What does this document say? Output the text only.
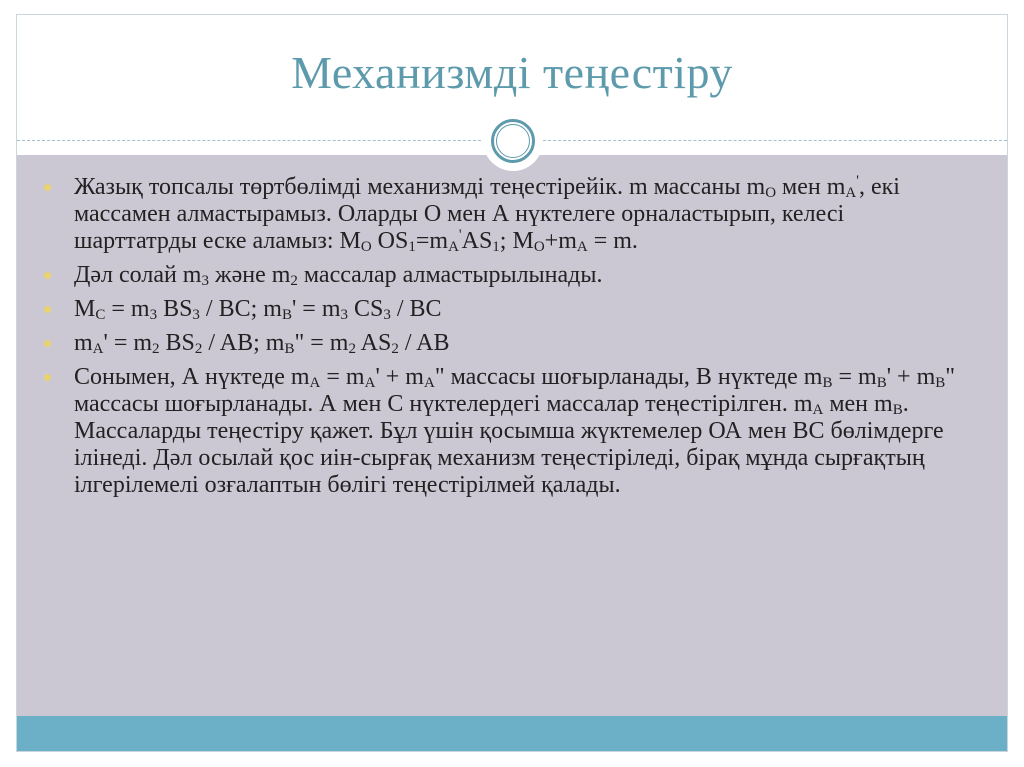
Механизмді теңестіру
Жазық топсалы төртбөлімді механизмді теңестірейік. m массаны $m_O$ мен $m_A'$, екі массамен алмастырамыз. Оларды О мен А нүктелеге орналастырып, келесі шарттатрды еске аламыз: $M_O$ $OS_1=m_A'AS_1$; $M_O+m_A = m$.
Дәл солай $m_3$ және $m_2$ массалар алмастырылынады.
$M_C = m_3$ $BS_3$ / BC; $m_B' = m_3$ $CS_3$ / BC
$m_A' = m_2$ $BS_2$ / AB; $m_B$" = $m_2$ $AS_2$ / AB
Сонымен, А нүктеде $m_A = m_A' + m_A$" массасы шоғырланады, В нүктеде $m_B = m_B' + m_B$" массасы шоғырланады. А мен С нүктелердегі массалар теңестірілген. $m_A$ мен $m_B$. Массаларды теңестіру қажет. Бұл үшін қосымша жүктемелер ОА мен ВС бөлімдерге ілінеді. Дәл осылай қос иін-сырғақ механизм теңестіріледі, бірақ мұнда сырғақтың ілгерілемелі озғалаптын бөлігі теңестірілмей қалады.
